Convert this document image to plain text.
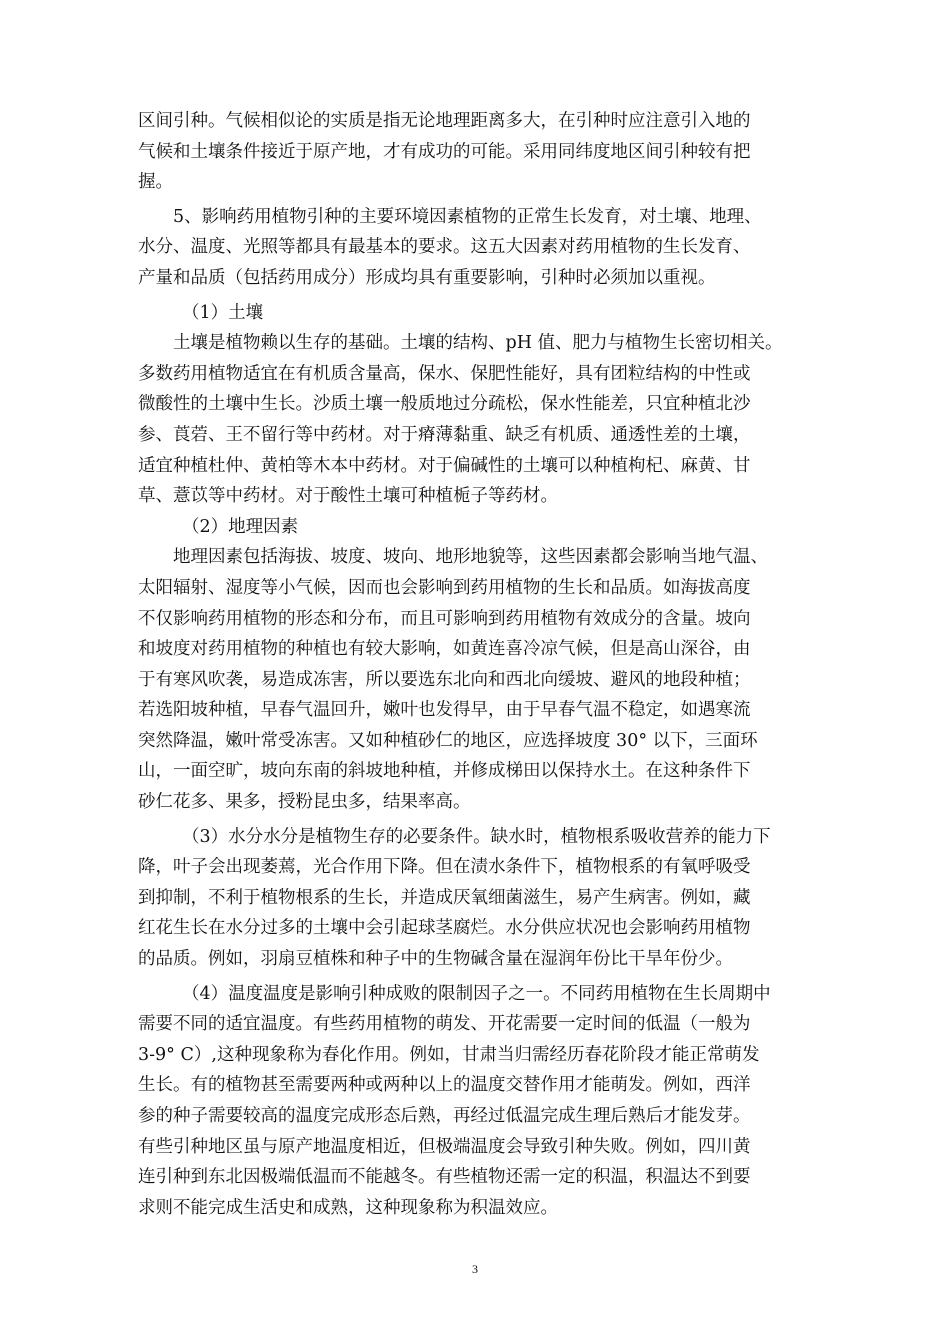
区间引种。气候相似论的实质是指无论地理距离多大，在引种时应注意引入地的
气候和土壤条件接近于原产地，才有成功的可能。采用同纬度地区间引种较有把
握。
5、影响药用植物引种的主要环境因素植物的正常生长发育，对土壤、地理、
水分、温度、光照等都具有最基本的要求。这五大因素对药用植物的生长发育、
产量和品质（包括药用成分）形成均具有重要影响，引种时必须加以重视。
（1）土壤
土壤是植物赖以生存的基础。土壤的结构、pH 值、肥力与植物生长密切相关。
多数药用植物适宜在有机质含量高，保水、保肥性能好，具有团粒结构的中性或
微酸性的土壤中生长。沙质土壤一般质地过分疏松，保水性能差，只宜种植北沙
参、莨菪、王不留行等中药材。对于瘠薄黏重、缺乏有机质、通透性差的土壤，
适宜种植杜仲、黄柏等木本中药材。对于偏碱性的土壤可以种植枸杞、麻黄、甘
草、薏苡等中药材。对于酸性土壤可种植栀子等药材。
（2）地理因素
地理因素包括海拔、坡度、坡向、地形地貌等，这些因素都会影响当地气温、
太阳辐射、湿度等小气候，因而也会影响到药用植物的生长和品质。如海拔高度
不仅影响药用植物的形态和分布，而且可影响到药用植物有效成分的含量。坡向
和坡度对药用植物的种植也有较大影响，如黄连喜冷凉气候，但是高山深谷，由
于有寒风吹袭，易造成冻害，所以要选东北向和西北向缓坡、避风的地段种植；
若选阳坡种植，早春气温回升，嫩叶也发得早，由于早春气温不稳定，如遇寒流
突然降温，嫩叶常受冻害。又如种植砂仁的地区，应选择坡度 30° 以下，三面环
山，一面空旷，坡向东南的斜坡地种植，并修成梯田以保持水土。在这种条件下
砂仁花多、果多，授粉昆虫多，结果率高。
（3）水分水分是植物生存的必要条件。缺水时，植物根系吸收营养的能力下
降，叶子会出现萎蔫，光合作用下降。但在渍水条件下，植物根系的有氧呼吸受
到抑制，不利于植物根系的生长，并造成厌氧细菌滋生，易产生病害。例如，藏
红花生长在水分过多的土壤中会引起球茎腐烂。水分供应状况也会影响药用植物
的品质。例如，羽扇豆植株和种子中的生物碱含量在湿润年份比干旱年份少。
（4）温度温度是影响引种成败的限制因子之一。不同药用植物在生长周期中
需要不同的适宜温度。有些药用植物的萌发、开花需要一定时间的低温（一般为
3-9° C）,这种现象称为春化作用。例如，甘肃当归需经历春花阶段才能正常萌发
生长。有的植物甚至需要两种或两种以上的温度交替作用才能萌发。例如，西洋
参的种子需要较高的温度完成形态后熟，再经过低温完成生理后熟后才能发芽。
有些引种地区虽与原产地温度相近，但极端温度会导致引种失败。例如，四川黄
连引种到东北因极端低温而不能越冬。有些植物还需一定的积温，积温达不到要
求则不能完成生活史和成熟，这种现象称为积温效应。
3
